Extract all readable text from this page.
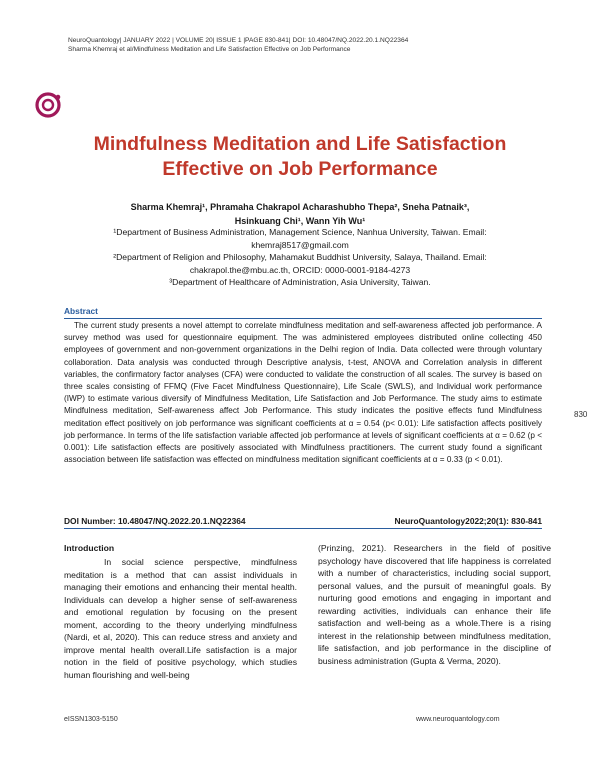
NeuroQuantology| JANUARY 2022 | VOLUME 20| ISSUE 1 |PAGE 830-841| DOI: 10.48047/NQ.2022.20.1.NQ22364
Sharma Khemraj et al/Mindfulness Meditation and Life Satisfaction Effective on Job Performance
Mindfulness Meditation and Life Satisfaction
Effective on Job Performance
Sharma Khemraj¹, Phramaha Chakrapol Acharashubho Thepa², Sneha Patnaik³,
Hsinkuang Chi¹, Wann Yih Wu¹
¹Department of Business Administration, Management Science, Nanhua University, Taiwan. Email:
khemraj8517@gmail.com
²Department of Religion and Philosophy, Mahamakut Buddhist University, Salaya, Thailand. Email:
chakrapol.the@mbu.ac.th, ORCID: 0000-0001-9184-4273
³Department of Healthcare of Administration, Asia University, Taiwan.
Abstract
The current study presents a novel attempt to correlate mindfulness meditation and self-awareness affected job performance. A survey method was used for questionnaire equipment. The was administered employees distributed online collecting 450 employees of government and non-government organizations in the Delhi region of India. Data collected were through voluntary collaboration. Data analysis was conducted through Descriptive analysis, t-test, ANOVA and Correlation analysis in different variables, the confirmatory factor analyses (CFA) were conducted to validate the construction of all scales. The survey is based on three scales consisting of FFMQ (Five Facet Mindfulness Questionnaire), Life Scale (SWLS), and Individual work performance (IWP) to estimate various diversify of Mindfulness Meditation, Life Satisfaction and Job Performance. The study aims to estimate Mindfulness meditation, Self-awareness affect Job Performance. This study indicates the positive effects fund Mindfulness meditation effect positively on job performance was significant coefficients at α = 0.54 (p< 0.01): Life satisfaction affects positively job performance. In terms of the life satisfaction variable affected job performance at levels of significant coefficients at α = 0.62 (p < 0.001): Life satisfaction effects are positively associated with Mindfulness practitioners. The current study found a significant association between life satisfaction was effected on mindfulness meditation significant coefficients at α = 0.33 (p < 0.01).
830
DOI Number: 10.48047/NQ.2022.20.1.NQ22364	NeuroQuantology2022;20(1): 830-841
Introduction
In social science perspective, mindfulness meditation is a method that can assist individuals in managing their emotions and enhancing their mental health. Individuals can develop a higher sense of self-awareness and emotional regulation by focusing on the present moment, according to the theory underlying mindfulness (Nardi, et al, 2020). This can reduce stress and anxiety and improve mental health overall.Life satisfaction is a major notion in the field of positive psychology, which studies human flourishing and well-being
(Prinzing, 2021). Researchers in the field of positive psychology have discovered that life happiness is correlated with a number of characteristics, including social support, personal values, and the pursuit of meaningful goals. By nurturing good emotions and engaging in important and rewarding activities, individuals can enhance their life satisfaction and well-being as a whole.There is a rising interest in the relationship between mindfulness meditation, life satisfaction, and job performance in the discipline of business administration (Gupta & Verma, 2020).
eISSN1303-5150	www.neuroquantology.com
